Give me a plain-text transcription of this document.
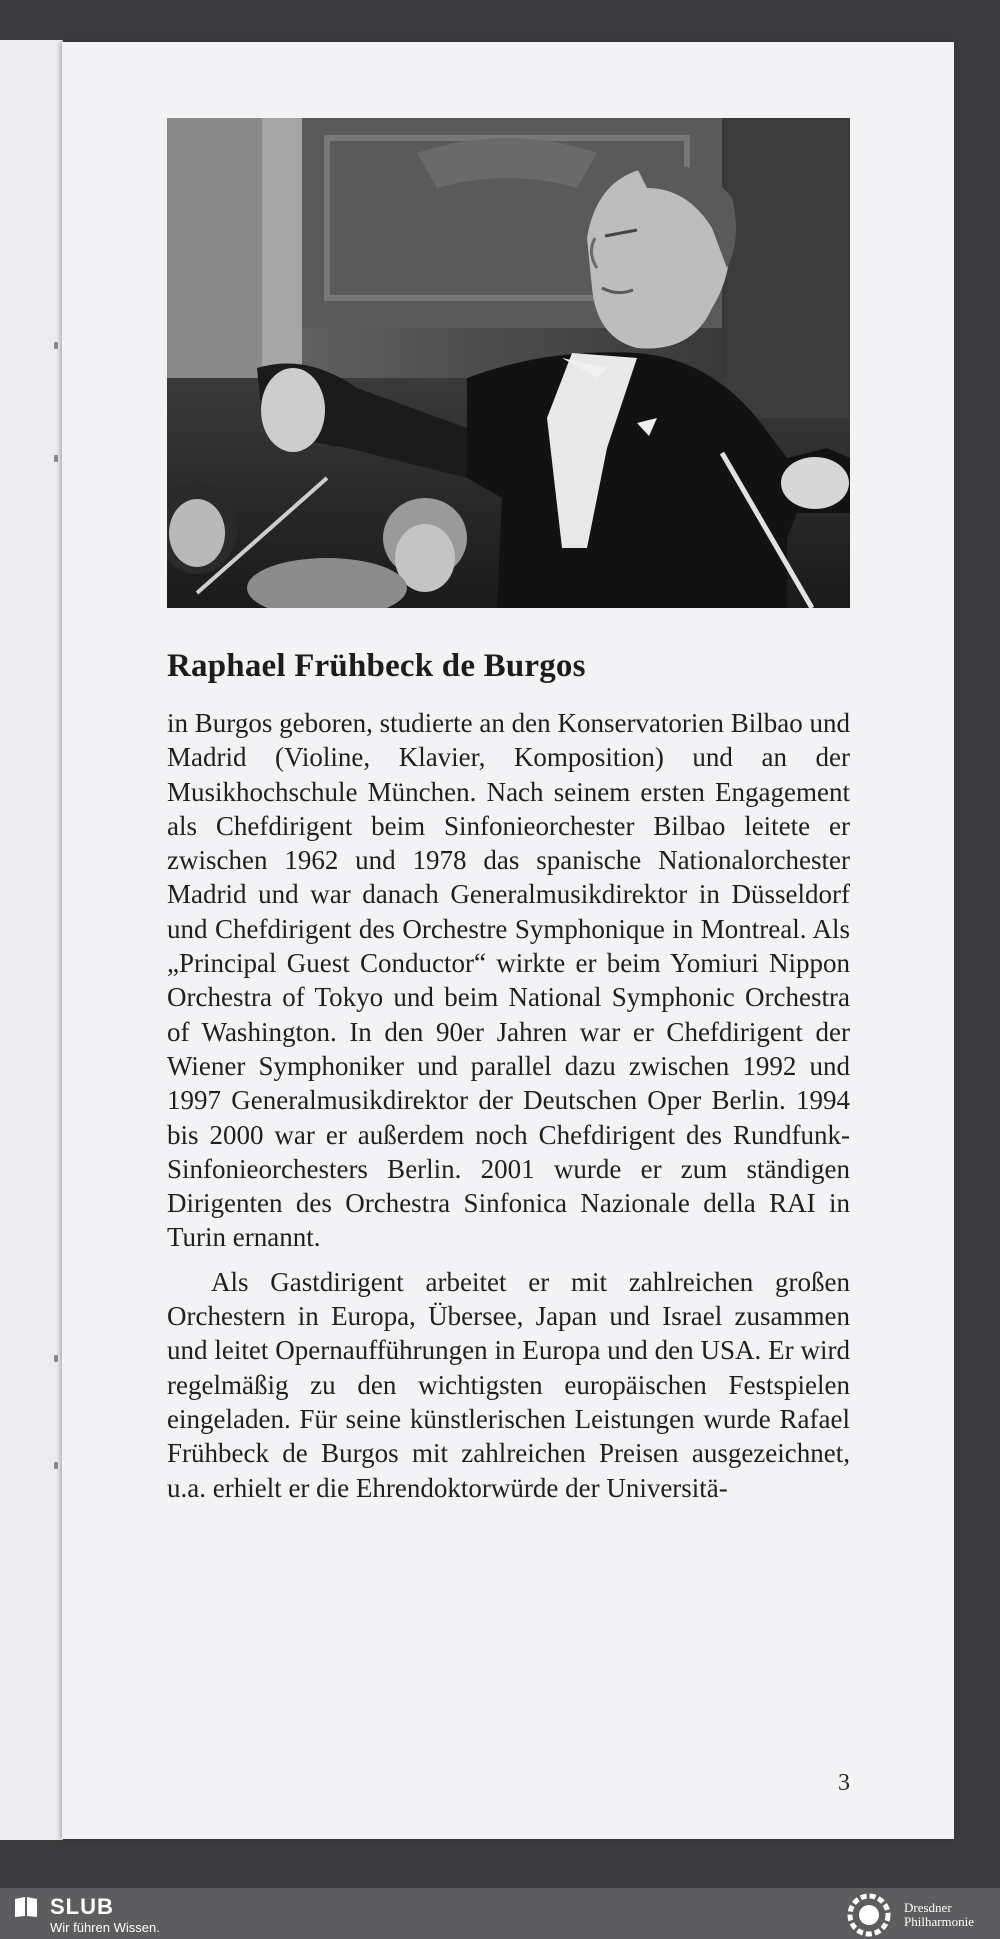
Raphael Frühbeck de Burgos

in Burgos geboren, studierte an den Konservatorien Bilbao und Madrid (Violine, Klavier, Komposition) und an der Musikhochschule München. Nach seinem ersten Engagement als Chefdirigent beim Sinfonieorchester Bilbao leitete er zwischen 1962 und 1978 das spanische Nationalorchester Madrid und war danach Generalmusikdirektor in Düsseldorf und Chefdirigent des Orchestre Symphonique in Montreal. Als „Principal Guest Conductor“ wirkte er beim Yomiuri Nippon Orchestra of Tokyo und beim National Symphonic Orchestra of Washington. In den 90er Jahren war er Chefdirigent der Wiener Symphoniker und parallel dazu zwischen 1992 und 1997 Generalmusikdirektor der Deutschen Oper Berlin. 1994 bis 2000 war er außerdem noch Chefdirigent des Rundfunk-Sinfonieorchesters Berlin. 2001 wurde er zum ständigen Dirigenten des Orchestra Sinfonica Nazionale della RAI in Turin ernannt.

Als Gastdirigent arbeitet er mit zahlreichen großen Orchestern in Europa, Übersee, Japan und Israel zusammen und leitet Opernaufführungen in Europa und den USA. Er wird regelmäßig zu den wichtigsten europäischen Festspielen eingeladen. Für seine künstlerischen Leistungen wurde Rafael Frühbeck de Burgos mit zahlreichen Preisen ausgezeichnet, u.a. erhielt er die Ehrendoktorwürde der Universitä-

3
SLUB
Wir führen Wissen.
Dresdner
Philharmonie
